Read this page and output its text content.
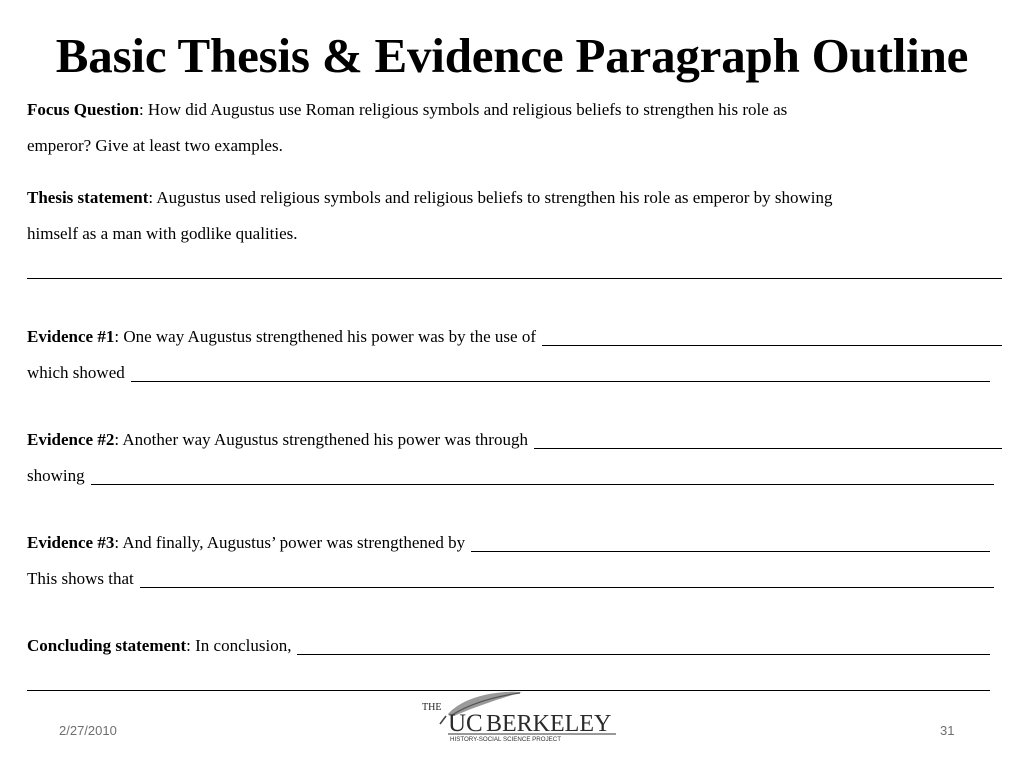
Basic Thesis & Evidence Paragraph Outline
Focus Question : How did Augustus use Roman religious symbols and religious beliefs to strengthen his role as
emperor? Give at least two examples.
Thesis statement : Augustus used religious symbols and religious beliefs to strengthen his role as emperor by showing
himself as a man with godlike qualities.
Evidence #1 : One way Augustus strengthened his power was by the use of
which showed
Evidence #2 : Another way Augustus strengthened his power was through
showing
Evidence #3 : And finally, Augustus’ power was strengthened by
This shows that
Concluding statement : In conclusion,
2/27/2010
THE
UC BERKELEY
HISTORY-SOCIAL SCIENCE PROJECT
31
